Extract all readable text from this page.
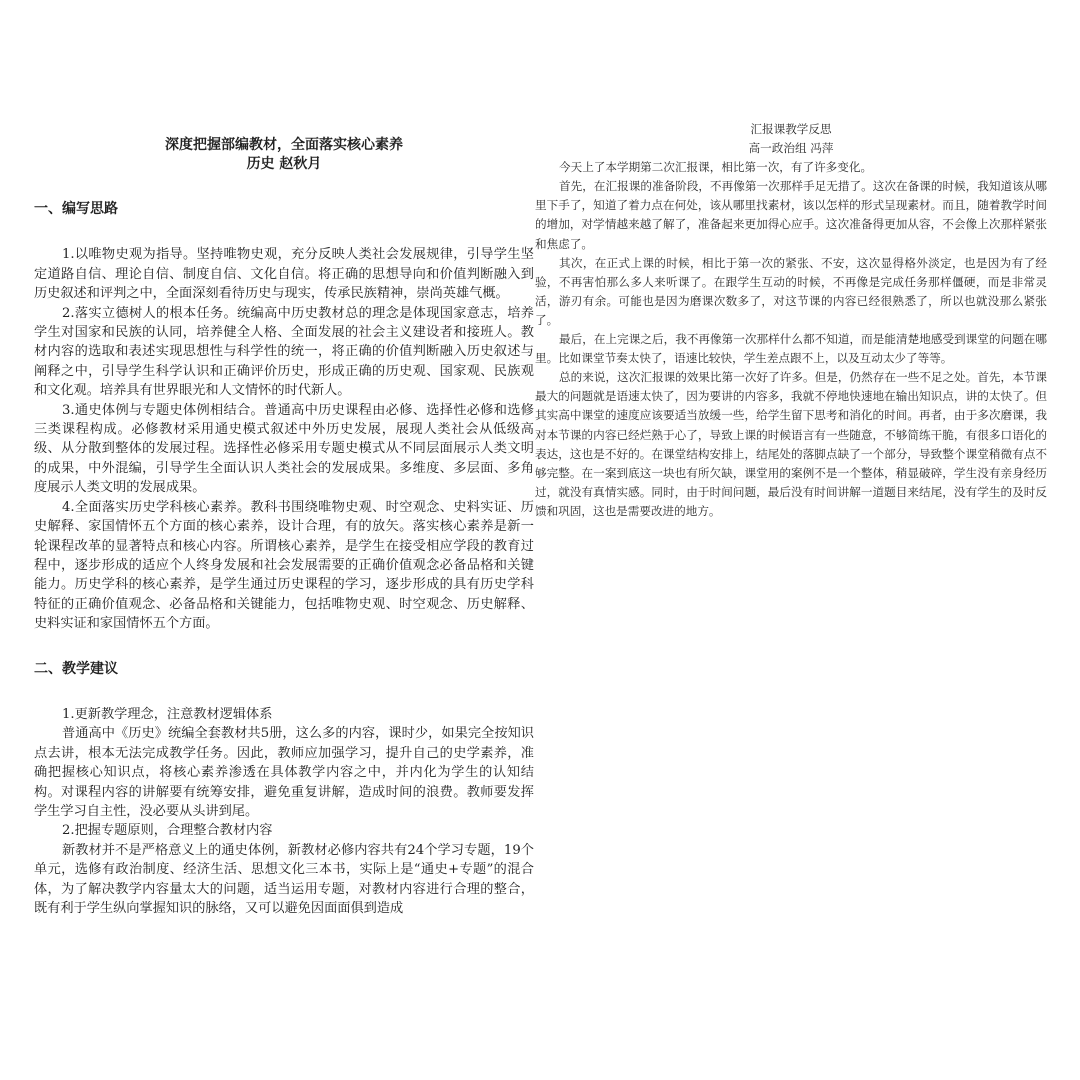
深度把握部编教材，全面落实核心素养

历史 赵秋月

一、编写思路

1.以唯物史观为指导。坚持唯物史观，充分反映人类社会发展规律，引导学生坚定道路自信、理论自信、制度自信、文化自信。将正确的思想导向和价值判断融入到历史叙述和评判之中，全面深刻看待历史与现实，传承民族精神，崇尚英雄气概。

2.落实立德树人的根本任务。统编高中历史教材总的理念是体现国家意志，培养学生对国家和民族的认同，培养健全人格、全面发展的社会主义建设者和接班人。教材内容的选取和表述实现思想性与科学性的统一，将正确的价值判断融入历史叙述与阐释之中，引导学生科学认识和正确评价历史，形成正确的历史观、国家观、民族观和文化观。培养具有世界眼光和人文情怀的时代新人。

3.通史体例与专题史体例相结合。普通高中历史课程由必修、选择性必修和选修三类课程构成。必修教材采用通史模式叙述中外历史发展，展现人类社会从低级高级、从分散到整体的发展过程。选择性必修采用专题史模式从不同层面展示人类文明的成果，中外混编，引导学生全面认识人类社会的发展成果。多维度、多层面、多角度展示人类文明的发展成果。

4.全面落实历史学科核心素养。教科书围绕唯物史观、时空观念、史料实证、历史解释、家国情怀五个方面的核心素养，设计合理，有的放矢。落实核心素养是新一轮课程改革的显著特点和核心内容。所谓核心素养，是学生在接受相应学段的教育过程中，逐步形成的适应个人终身发展和社会发展需要的正确价值观念必备品格和关键能力。历史学科的核心素养，是学生通过历史课程的学习，逐步形成的具有历史学科特征的正确价值观念、必备品格和关键能力，包括唯物史观、时空观念、历史解释、史料实证和家国情怀五个方面。

二、教学建议

1.更新教学理念，注意教材逻辑体系

普通高中《历史》统编全套教材共5册，这么多的内容，课时少，如果完全按知识点去讲，根本无法完成教学任务。因此，教师应加强学习，提升自己的史学素养，准确把握核心知识点，将核心素养渗透在具体教学内容之中，并内化为学生的认知结构。对课程内容的讲解要有统筹安排，避免重复讲解，造成时间的浪费。教师要发挥学生学习自主性，没必要从头讲到尾。

2.把握专题原则，合理整合教材内容

新教材并不是严格意义上的通史体例，新教材必修内容共有24个学习专题，19个单元，选修有政治制度、经济生活、思想文化三本书，实际上是“通史+专题”的混合体，为了解决教学内容量太大的问题，适当运用专题，对教材内容进行合理的整合，既有利于学生纵向掌握知识的脉络，又可以避免因面面俱到造成

汇报课教学反思

高一政治组 冯萍

今天上了本学期第二次汇报课，相比第一次，有了许多变化。

首先，在汇报课的准备阶段，不再像第一次那样手足无措了。这次在备课的时候，我知道该从哪里下手了，知道了着力点在何处，该从哪里找素材，该以怎样的形式呈现素材。而且，随着教学时间的增加，对学情越来越了解了，准备起来更加得心应手。这次准备得更加从容，不会像上次那样紧张和焦虑了。

其次，在正式上课的时候，相比于第一次的紧张、不安，这次显得格外淡定，也是因为有了经验，不再害怕那么多人来听课了。在跟学生互动的时候，不再像是完成任务那样僵硬，而是非常灵活，游刃有余。可能也是因为磨课次数多了，对这节课的内容已经很熟悉了，所以也就没那么紧张了。

最后，在上完课之后，我不再像第一次那样什么都不知道，而是能清楚地感受到课堂的问题在哪里。比如课堂节奏太快了，语速比较快，学生差点跟不上，以及互动太少了等等。

总的来说，这次汇报课的效果比第一次好了许多。但是，仍然存在一些不足之处。首先，本节课最大的问题就是语速太快了，因为要讲的内容多，我就不停地快速地在输出知识点，讲的太快了。但其实高中课堂的速度应该要适当放缓一些，给学生留下思考和消化的时间。再者，由于多次磨课，我对本节课的内容已经烂熟于心了，导致上课的时候语言有一些随意，不够简练干脆，有很多口语化的表达，这也是不好的。在课堂结构安排上，结尾处的落脚点缺了一个部分，导致整个课堂稍微有点不够完整。在一案到底这一块也有所欠缺，课堂用的案例不是一个整体，稍显破碎，学生没有亲身经历过，就没有真情实感。同时，由于时间问题，最后没有时间讲解一道题目来结尾，没有学生的及时反馈和巩固，这也是需要改进的地方。
